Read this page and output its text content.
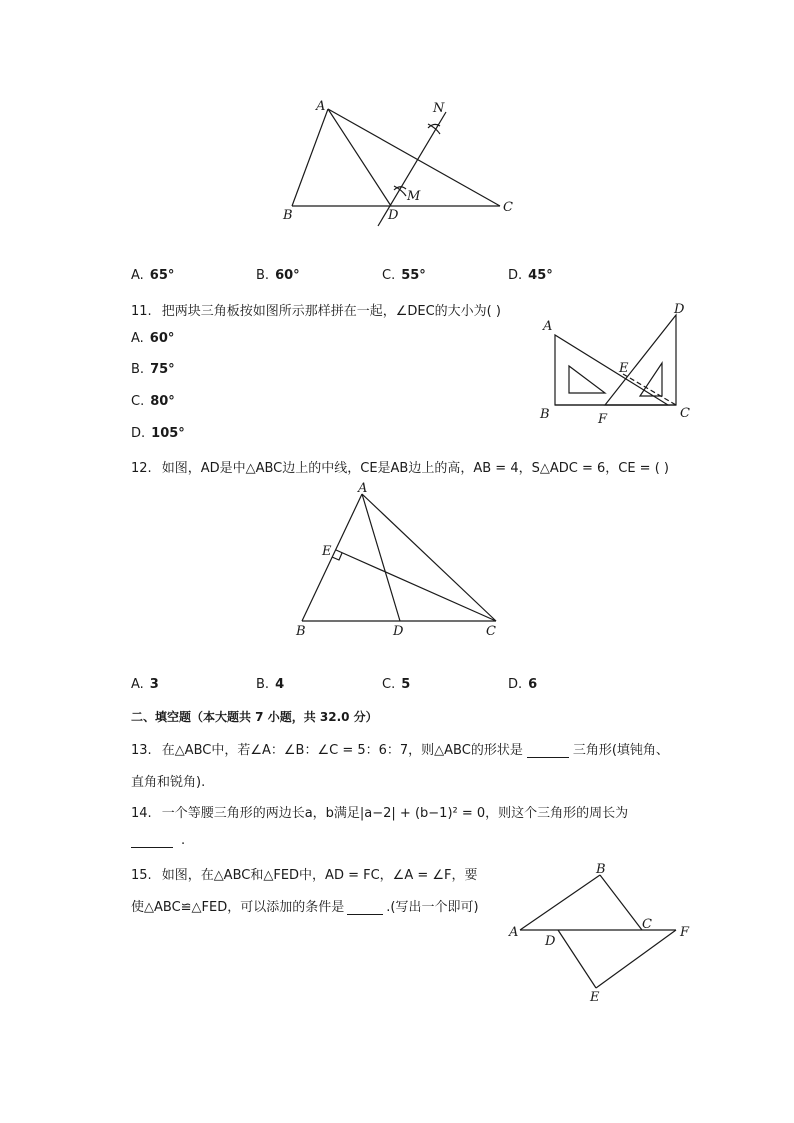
A
B
C
D
M
N
A. 65°	B. 60°	C. 55°	D. 45°
11. 把两块三角板按如图所示那样拼在一起，∠DEC的大小为( )
A. 60°
B. 75°
C. 80°
D. 105°
A
B	C
D
E
F
12. 如图，AD是中△ABC边上的中线，CE是AB边上的高，AB = 4，S△ADC = 6，CE = ( )
A
B	C
D
E
A. 3	B. 4	C. 5	D. 6
二、填空题（本大题共 7 小题，共 32.0 分）
13. 在△ABC中，若∠A：∠B：∠C = 5：6：7，则△ABC的形状是	三角形(填钝角、
直角和锐角).
14. 一个等腰三角形的两边长a，b满足|a−2| + (b−1)² = 0，则这个三角形的周长为
.
15. 如图，在△ABC和△FED中，AD = FC，∠A = ∠F，要
使△ABC≌△FED，可以添加的条件是	.(写出一个即可)
A
B
C
D
E
F
